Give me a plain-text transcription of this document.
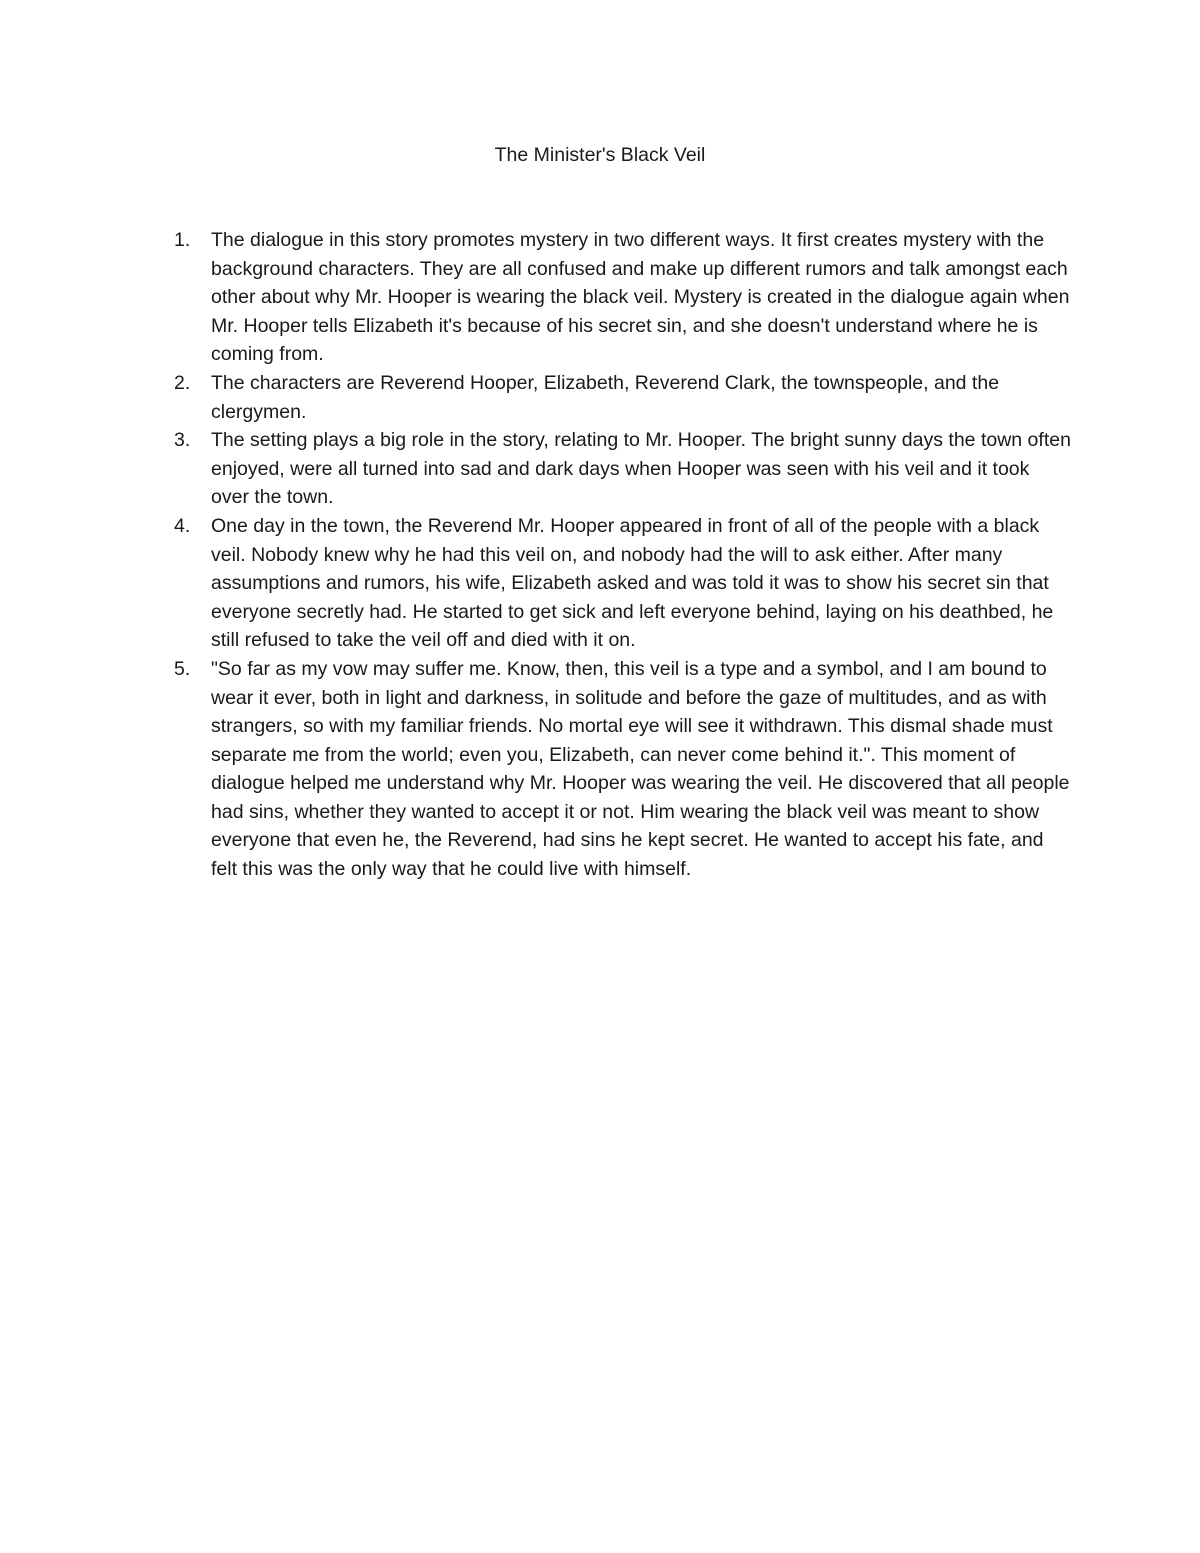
The Minister's Black Veil
1.	The dialogue in this story promotes mystery in two different ways. It first creates mystery with the background characters. They are all confused and make up different rumors and talk amongst each other about why Mr. Hooper is wearing the black veil. Mystery is created in the dialogue again when Mr. Hooper tells Elizabeth it's because of his secret sin, and she doesn't understand where he is coming from.
2.	The characters are Reverend Hooper, Elizabeth, Reverend Clark, the townspeople, and the clergymen.
3.	The setting plays a big role in the story, relating to Mr. Hooper. The bright sunny days the town often enjoyed, were all turned into sad and dark days when Hooper was seen with his veil and it took over the town.
4.	One day in the town, the Reverend Mr. Hooper appeared in front of all of the people with a black veil. Nobody knew why he had this veil on, and nobody had the will to ask either. After many assumptions and rumors, his wife, Elizabeth asked and was told it was to show his secret sin that everyone secretly had. He started to get sick and left everyone behind, laying on his deathbed, he still refused to take the veil off and died with it on.
5.	"So far as my vow may suffer me. Know, then, this veil is a type and a symbol, and I am bound to wear it ever, both in light and darkness, in solitude and before the gaze of multitudes, and as with strangers, so with my familiar friends. No mortal eye will see it withdrawn. This dismal shade must separate me from the world; even you, Elizabeth, can never come behind it.". This moment of dialogue helped me understand why Mr. Hooper was wearing the veil. He discovered that all people had sins, whether they wanted to accept it or not. Him wearing the black veil was meant to show everyone that even he, the Reverend, had sins he kept secret. He wanted to accept his fate, and felt this was the only way that he could live with himself.
